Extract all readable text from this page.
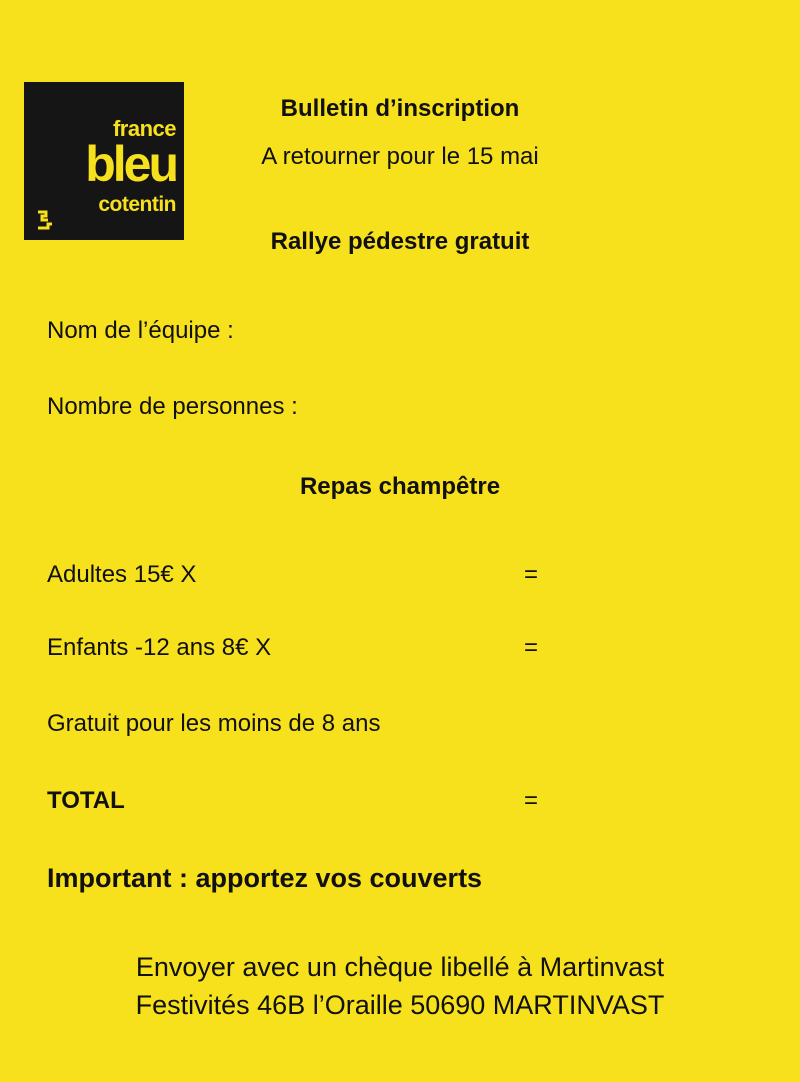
france
bleu
cotentin
Bulletin d’inscription
A retourner pour le 15 mai
Rallye pédestre gratuit
Nom de l’équipe :
Nombre de personnes :
Repas champêtre
Adultes 15€ X	=
Enfants -12 ans 8€ X	=
Gratuit pour les moins de 8 ans
TOTAL	=
Important : apportez vos couverts
Envoyer avec un chèque libellé à Martinvast
Festivités 46B l’Oraille 50690 MARTINVAST
